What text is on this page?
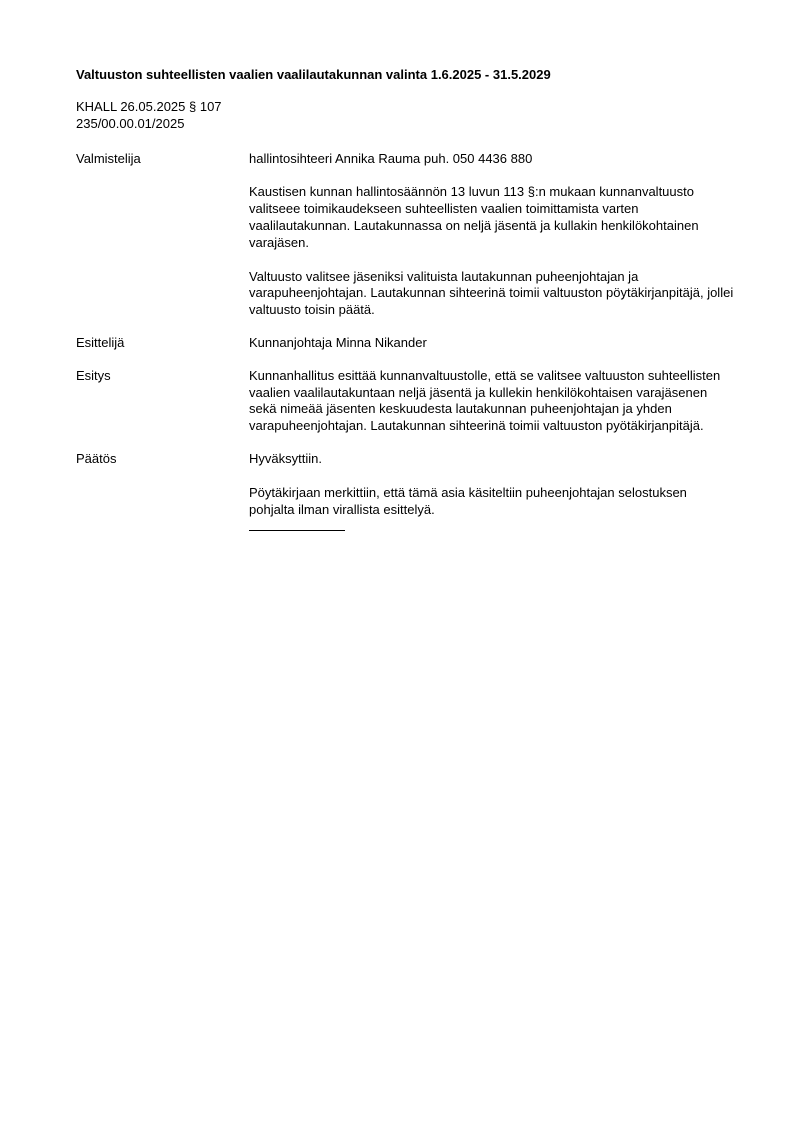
Valtuuston suhteellisten vaalien vaalilautakunnan valinta 1.6.2025 - 31.5.2029
KHALL 26.05.2025 § 107
235/00.00.01/2025
Valmistelija	hallintosihteeri Annika Rauma puh. 050 4436 880

Kaustisen kunnan hallintosäännön 13 luvun 113 §:n mukaan kunnanvaltuusto valitseee toimikaudekseen suhteellisten vaalien toimittamista varten vaalilautakunnan. Lautakunnassa on neljä jäsentä ja kullakin henkilökohtainen varajäsen.

Valtuusto valitsee jäseniksi valituista lautakunnan puheenjohtajan ja varapuheenjohtajan. Lautakunnan sihteerinä toimii valtuuston pöytäkirjanpitäjä, jollei valtuusto toisin päätä.

Esittelijä	Kunnanjohtaja Minna Nikander

Esitys	Kunnanhallitus esittää kunnanvaltuustolle, että se valitsee valtuuston suhteellisten vaalien vaalilautakuntaan neljä jäsentä ja kullekin henkilökohtaisen varajäsenen sekä nimeää jäsenten keskuudesta lautakunnan puheenjohtajan ja yhden varapuheenjohtajan. Lautakunnan sihteerinä toimii valtuuston pyötäkirjanpitäjä.

Päätös	Hyväksyttiin.

Pöytäkirjaan merkittiin, että tämä asia käsiteltiin puheenjohtajan selostuksen pohjalta ilman virallista esittelyä.
